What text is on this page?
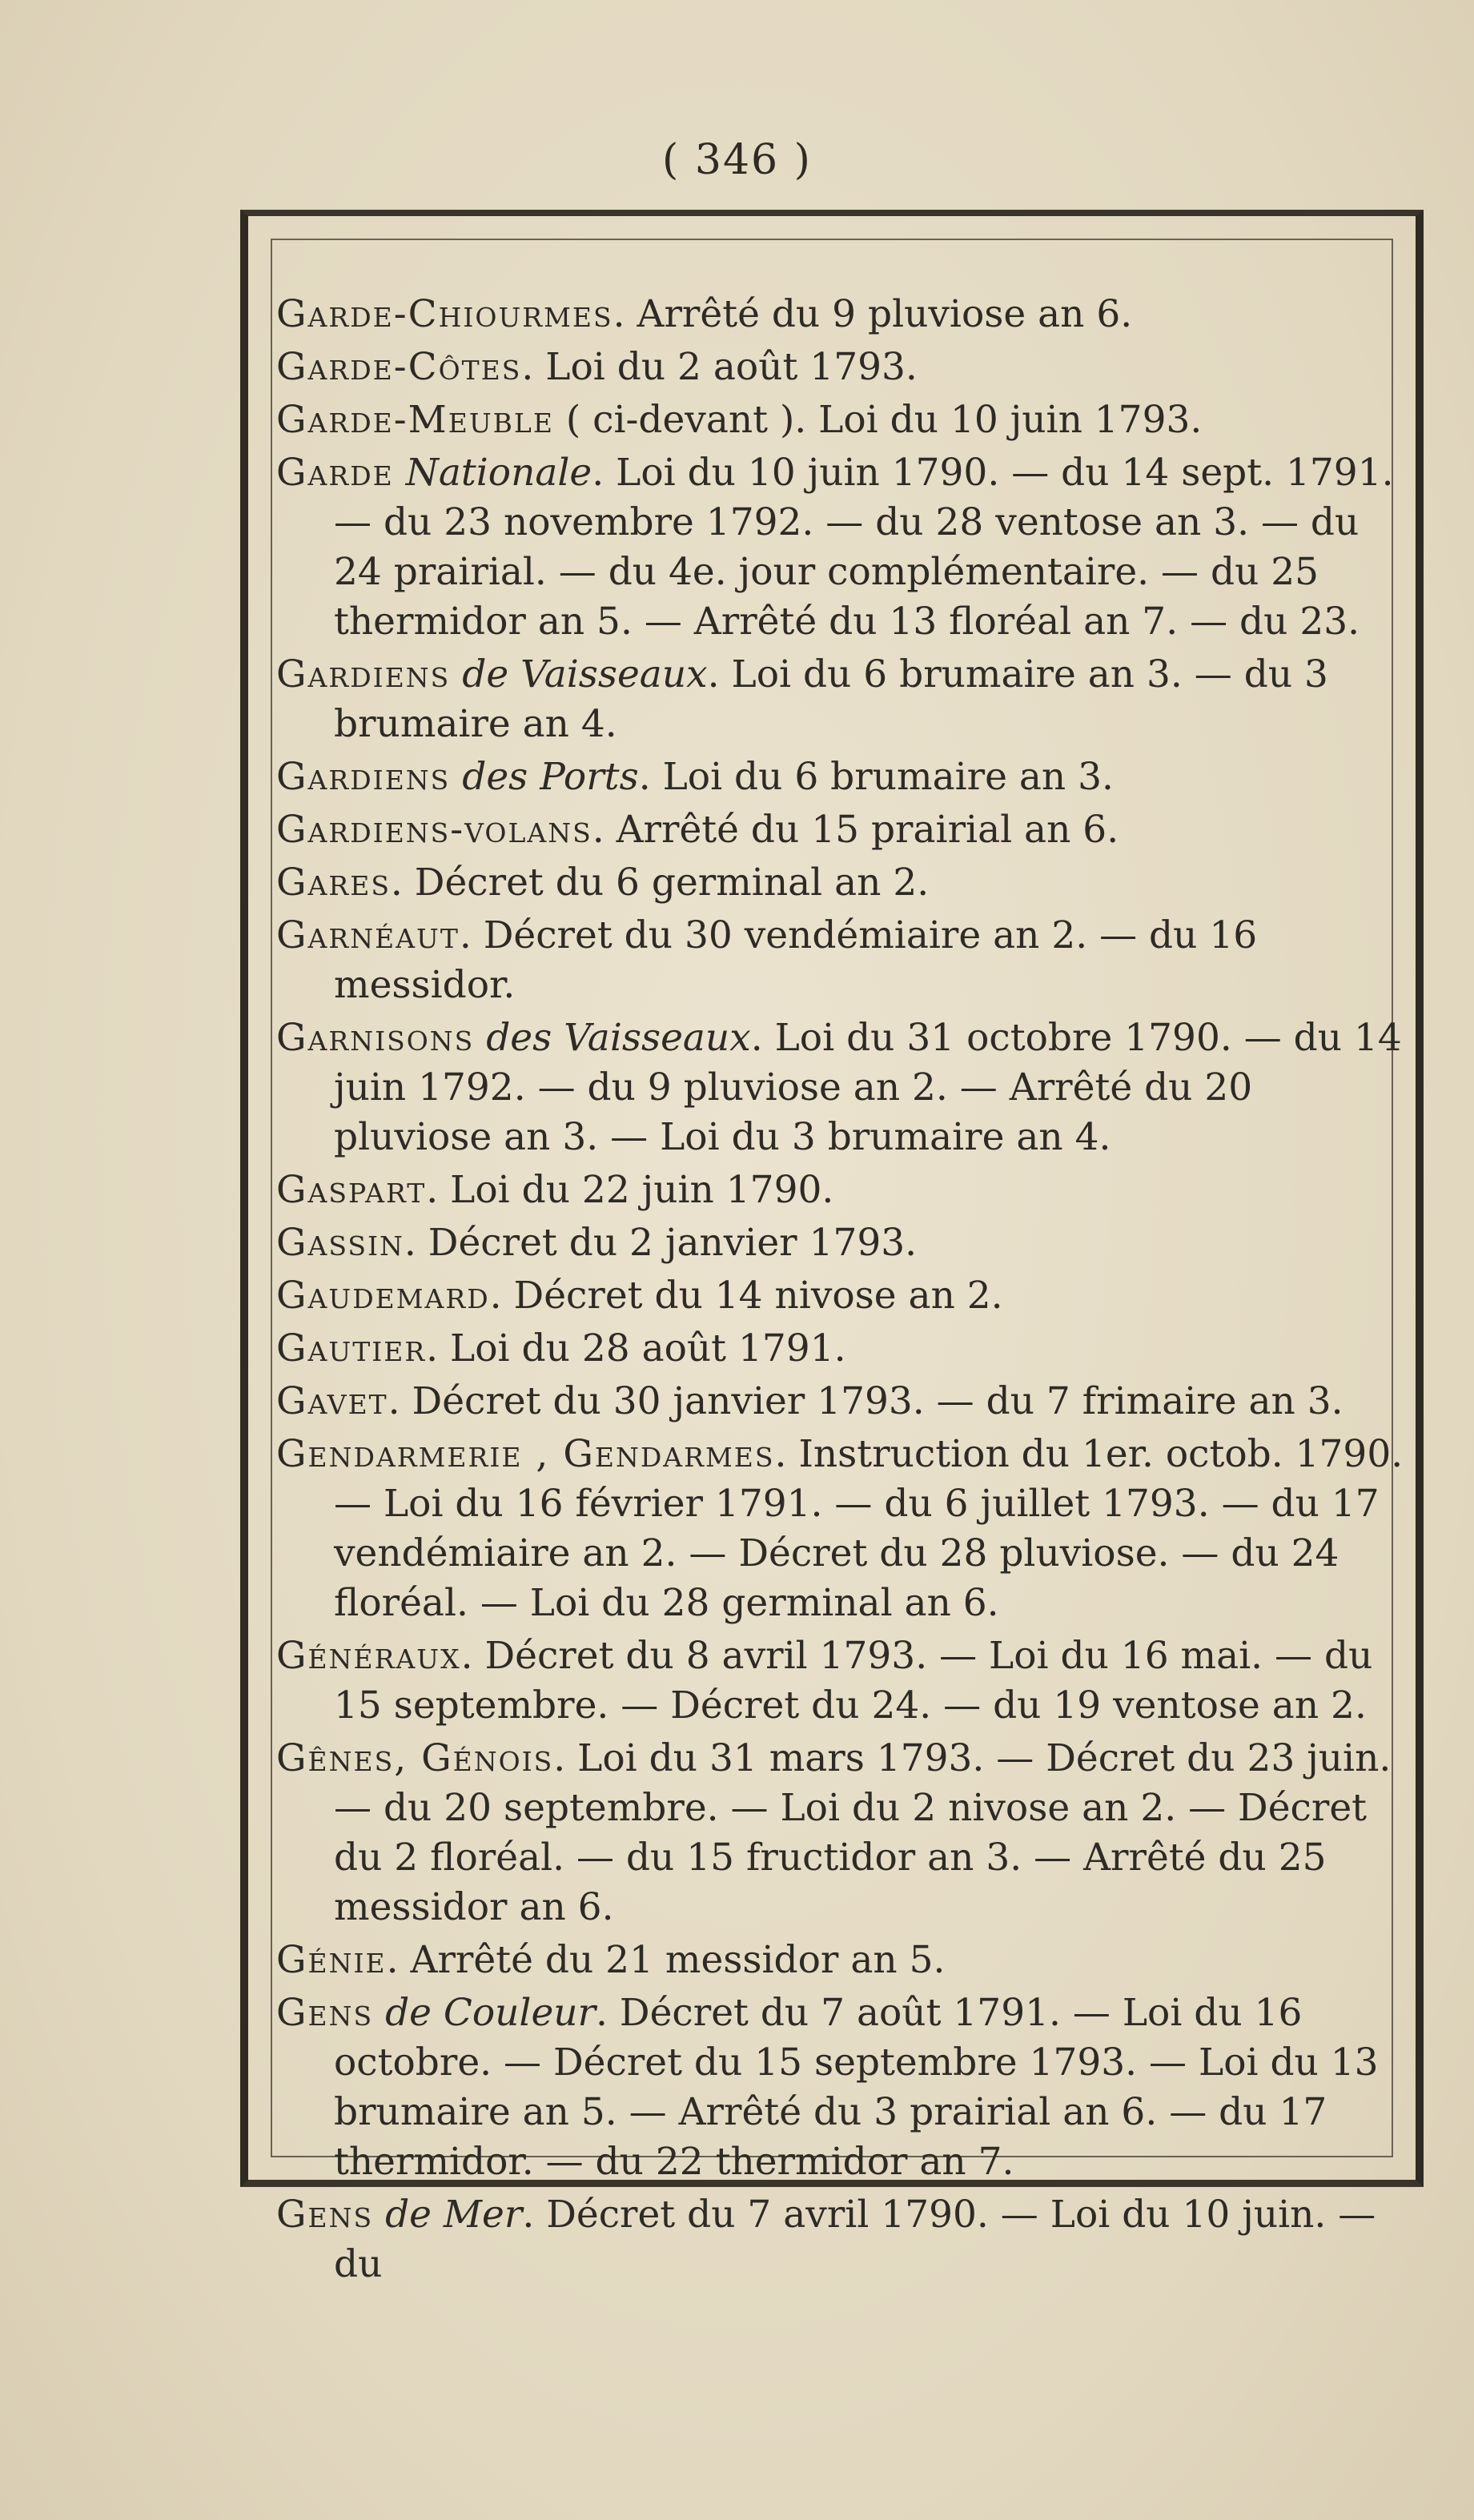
( 346 )
Garde-Chiourmes. Arrêté du 9 pluviose an 6.
Garde-Côtes. Loi du 2 août 1793.
Garde-Meuble ( ci-devant ). Loi du 10 juin 1793.
Garde Nationale. Loi du 10 juin 1790. — du 14 sept. 1791. — du 23 novembre 1792. — du 28 ventose an 3. — du 24 prairial. — du 4e. jour complémentaire. — du 25 thermidor an 5. — Arrêté du 13 floréal an 7. — du 23.
Gardiens de Vaisseaux. Loi du 6 brumaire an 3. — du 3 brumaire an 4.
Gardiens des Ports. Loi du 6 brumaire an 3.
Gardiens-volans. Arrêté du 15 prairial an 6.
Gares. Décret du 6 germinal an 2.
Garnéaut. Décret du 30 vendémiaire an 2. — du 16 messidor.
Garnisons des Vaisseaux. Loi du 31 octobre 1790. — du 14 juin 1792. — du 9 pluviose an 2. — Arrêté du 20 pluviose an 3. — Loi du 3 brumaire an 4.
Gaspart. Loi du 22 juin 1790.
Gassin. Décret du 2 janvier 1793.
Gaudemard. Décret du 14 nivose an 2.
Gautier. Loi du 28 août 1791.
Gavet. Décret du 30 janvier 1793. — du 7 frimaire an 3.
Gendarmerie , Gendarmes. Instruction du 1er. octob. 1790. — Loi du 16 février 1791. — du 6 juillet 1793. — du 17 vendémiaire an 2. — Décret du 28 pluviose. — du 24 floréal. — Loi du 28 germinal an 6.
Généraux. Décret du 8 avril 1793. — Loi du 16 mai. — du 15 septembre. — Décret du 24. — du 19 ventose an 2.
Gênes, Génois. Loi du 31 mars 1793. — Décret du 23 juin. — du 20 septembre. — Loi du 2 nivose an 2. — Décret du 2 floréal. — du 15 fructidor an 3. — Arrêté du 25 messidor an 6.
Génie. Arrêté du 21 messidor an 5.
Gens de Couleur. Décret du 7 août 1791. — Loi du 16 octobre. — Décret du 15 septembre 1793. — Loi du 13 brumaire an 5. — Arrêté du 3 prairial an 6. — du 17 thermidor. — du 22 thermidor an 7.
Gens de Mer. Décret du 7 avril 1790. — Loi du 10 juin. — du
